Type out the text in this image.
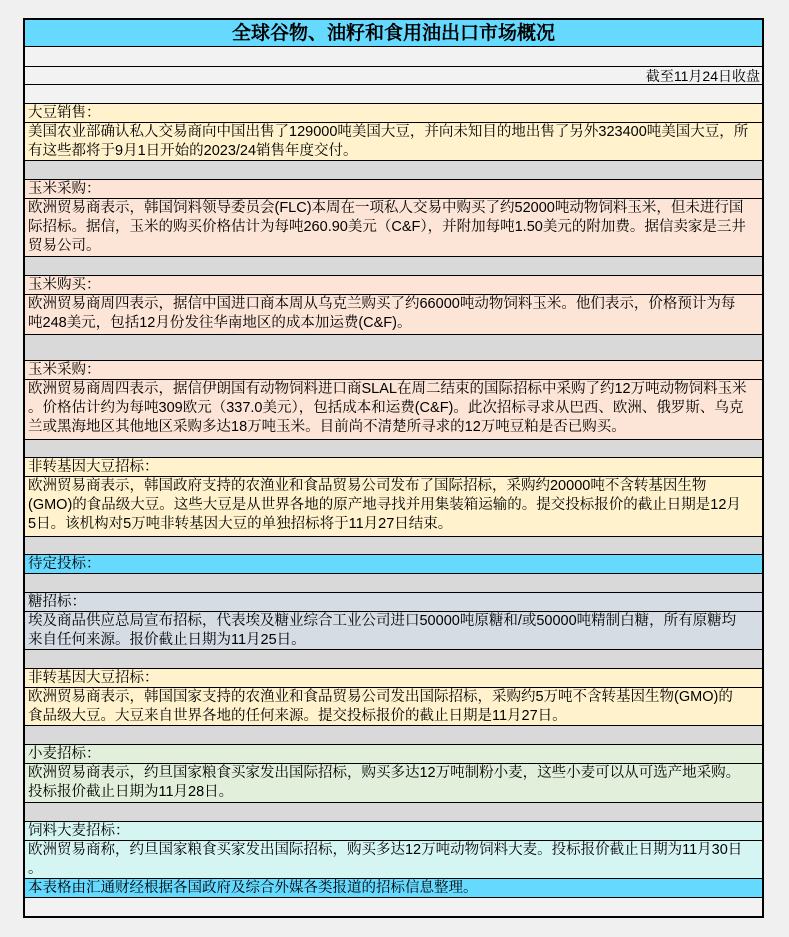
全球谷物、油籽和食用油出口市场概况
截至11月24日收盘
大豆销售：
美国农业部确认私人交易商向中国出售了129000吨美国大豆，并向未知目的地出售了另外323400吨美国大豆，所
有这些都将于9月1日开始的2023/24销售年度交付。
玉米采购：
欧洲贸易商表示，韩国饲料领导委员会(FLC)本周在一项私人交易中购买了约52000吨动物饲料玉米，但未进行国
际招标。据信，玉米的购买价格估计为每吨260.90美元（C&F），并附加每吨1.50美元的附加费。据信卖家是三井
贸易公司。
玉米购买：
欧洲贸易商周四表示，据信中国进口商本周从乌克兰购买了约66000吨动物饲料玉米。他们表示，价格预计为每
吨248美元，包括12月份发往华南地区的成本加运费(C&F)。
玉米采购：
欧洲贸易商周四表示，据信伊朗国有动物饲料进口商SLAL在周二结束的国际招标中采购了约12万吨动物饲料玉米
。价格估计约为每吨309欧元（337.0美元），包括成本和运费(C&F)。此次招标寻求从巴西、欧洲、俄罗斯、乌克
兰或黑海地区其他地区采购多达18万吨玉米。目前尚不清楚所寻求的12万吨豆粕是否已购买。
非转基因大豆招标：
欧洲贸易商表示，韩国政府支持的农渔业和食品贸易公司发布了国际招标，采购约20000吨不含转基因生物
(GMO)的食品级大豆。这些大豆是从世界各地的原产地寻找并用集装箱运输的。提交投标报价的截止日期是12月
5日。该机构对5万吨非转基因大豆的单独招标将于11月27日结束。
待定投标：
糖招标：
埃及商品供应总局宣布招标，代表埃及糖业综合工业公司进口50000吨原糖和/或50000吨精制白糖，所有原糖均
来自任何来源。报价截止日期为11月25日。
非转基因大豆招标：
欧洲贸易商表示，韩国国家支持的农渔业和食品贸易公司发出国际招标，采购约5万吨不含转基因生物(GMO)的
食品级大豆。大豆来自世界各地的任何来源。提交投标报价的截止日期是11月27日。
小麦招标：
欧洲贸易商表示，约旦国家粮食买家发出国际招标，购买多达12万吨制粉小麦，这些小麦可以从可选产地采购。
投标报价截止日期为11月28日。
饲料大麦招标：
欧洲贸易商称，约旦国家粮食买家发出国际招标，购买多达12万吨动物饲料大麦。投标报价截止日期为11月30日
。
本表格由汇通财经根据各国政府及综合外媒各类报道的招标信息整理。
